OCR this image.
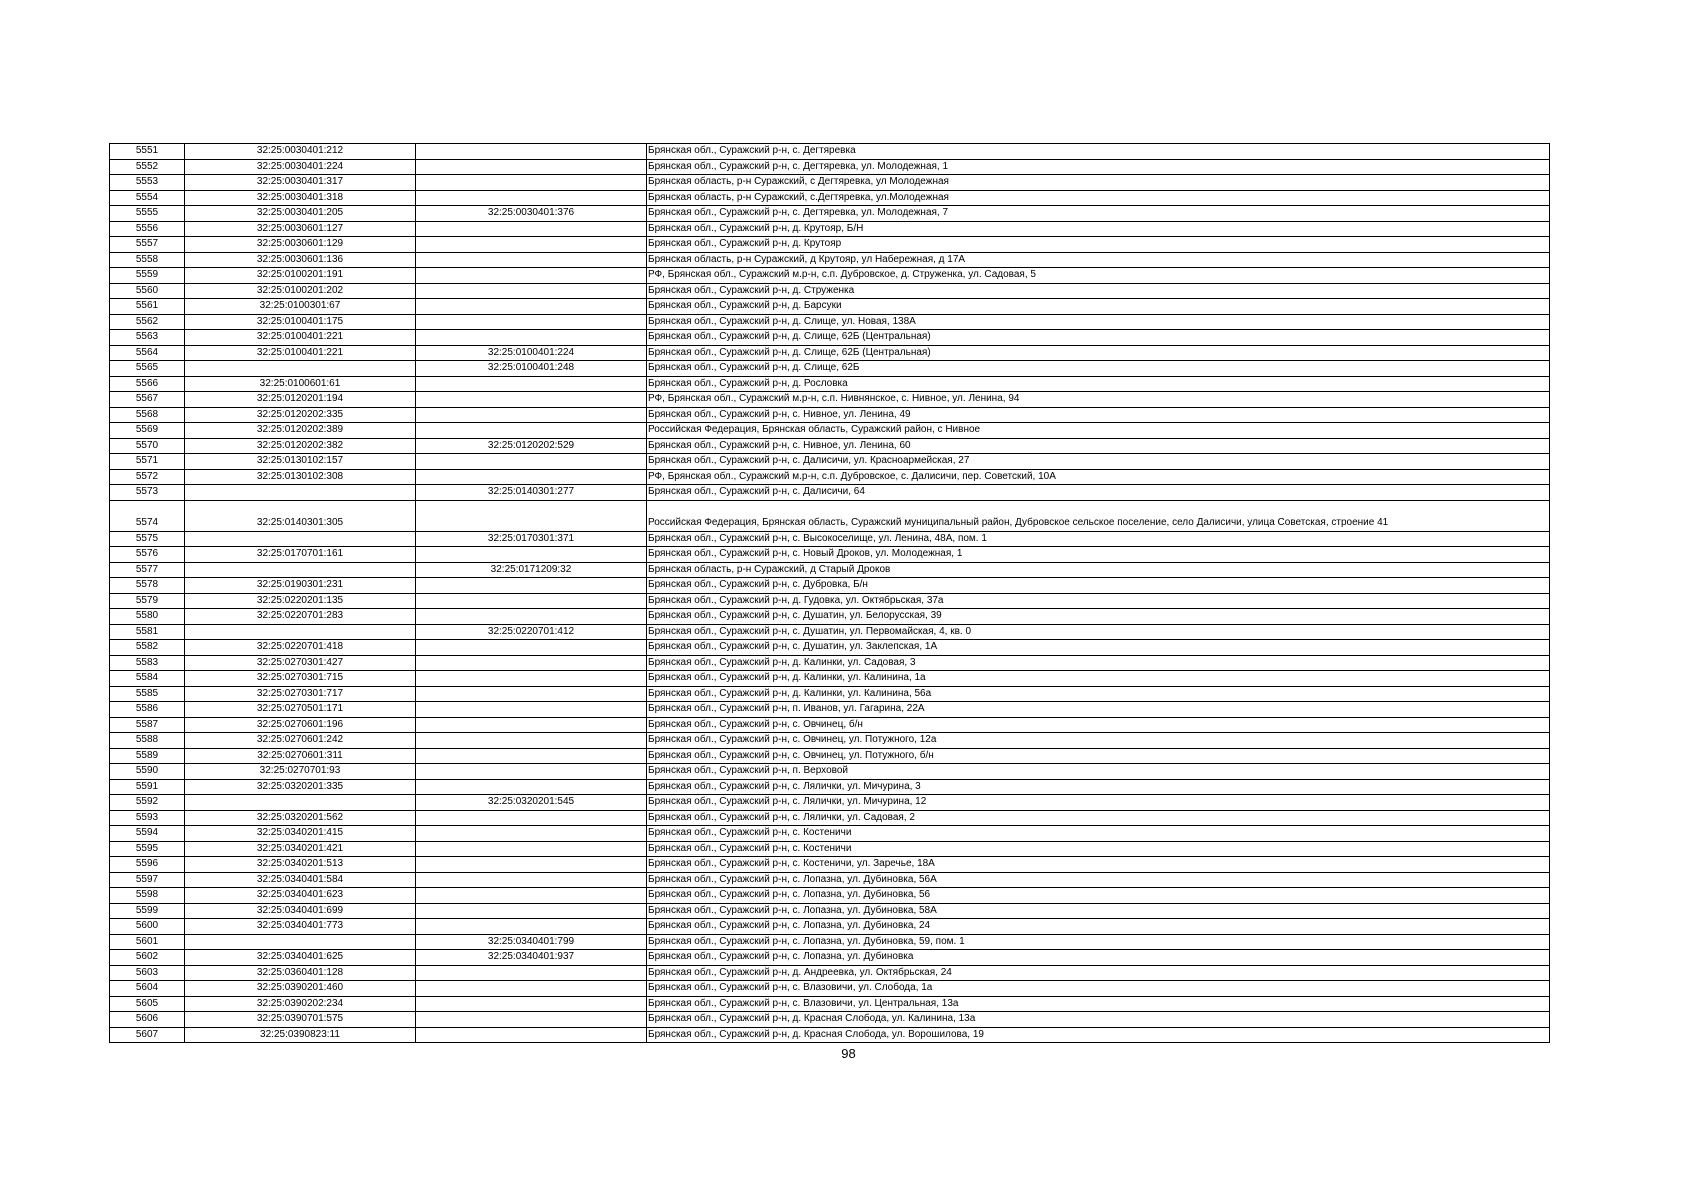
5551	32:25:0030401:212		Брянская обл., Суражский р-н, с. Дегтяревка
5552	32:25:0030401:224		Брянская обл., Суражский р-н, с. Дегтяревка, ул. Молодежная, 1
5553	32:25:0030401:317		Брянская область, р-н Суражский, с Дегтяревка, ул Молодежная
5554	32:25:0030401:318		Брянская область, р-н Суражский, с.Дегтяревка, ул.Молодежная
5555	32:25:0030401:205	32:25:0030401:376	Брянская обл., Суражский р-н, с. Дегтяревка, ул. Молодежная, 7
5556	32:25:0030601:127		Брянская обл., Суражский р-н, д. Крутояр, Б/Н
5557	32:25:0030601:129		Брянская обл., Суражский р-н, д. Крутояр
5558	32:25:0030601:136		Брянская область, р-н Суражский, д Крутояр, ул Набережная, д 17А
5559	32:25:0100201:191		РФ, Брянская обл., Суражский м.р-н, с.п. Дубровское, д. Струженка, ул. Садовая, 5
5560	32:25:0100201:202		Брянская обл., Суражский р-н, д. Струженка
5561	32:25:0100301:67		Брянская обл., Суражский р-н, д. Барсуки
5562	32:25:0100401:175		Брянская обл., Суражский р-н, д. Слище, ул. Новая, 138А
5563	32:25:0100401:221		Брянская обл., Суражский р-н, д. Слище, 62Б (Центральная)
5564	32:25:0100401:221	32:25:0100401:224	Брянская обл., Суражский р-н, д. Слище, 62Б (Центральная)
5565		32:25:0100401:248	Брянская обл., Суражский р-н, д. Слище, 62Б
5566	32:25:0100601:61		Брянская обл., Суражский р-н, д. Рословка
5567	32:25:0120201:194		РФ, Брянская обл., Суражский м.р-н, с.п. Нивнянское, с. Нивное, ул. Ленина, 94
5568	32:25:0120202:335		Брянская обл., Суражский р-н, с. Нивное, ул. Ленина, 49
5569	32:25:0120202:389		Российская Федерация, Брянская область, Суражский район, с Нивное
5570	32:25:0120202:382	32:25:0120202:529	Брянская обл., Суражский р-н, с. Нивное, ул. Ленина, 60
5571	32:25:0130102:157		Брянская обл., Суражский р-н, с. Далисичи, ул. Красноармейская, 27
5572	32:25:0130102:308		РФ, Брянская обл., Суражский м.р-н, с.п. Дубровское, с. Далисичи, пер. Советский, 10А
5573		32:25:0140301:277	Брянская обл., Суражский р-н, с. Далисичи, 64
5574	32:25:0140301:305		Российская Федерация, Брянская область, Суражский муниципальный район, Дубровское сельское поселение, село Далисичи, улица Советская, строение 41
5575		32:25:0170301:371	Брянская обл., Суражский р-н, с. Высокоселище, ул. Ленина, 48А, пом. 1
5576	32:25:0170701:161		Брянская обл., Суражский р-н, с. Новый Дроков, ул. Молодежная, 1
5577		32:25:0171209:32	Брянская область, р-н Суражский, д Старый Дроков
5578	32:25:0190301:231		Брянская обл., Суражский р-н, с. Дубровка, Б/н
5579	32:25:0220201:135		Брянская обл., Суражский р-н, д. Гудовка, ул. Октябрьская, 37а
5580	32:25:0220701:283		Брянская обл., Суражский р-н, с. Душатин, ул. Белорусская, 39
5581		32:25:0220701:412	Брянская обл., Суражский р-н, с. Душатин, ул. Первомайская, 4, кв. 0
5582	32:25:0220701:418		Брянская обл., Суражский р-н, с. Душатин, ул. Заклепская, 1А
5583	32:25:0270301:427		Брянская обл., Суражский р-н, д. Калинки, ул. Садовая, 3
5584	32:25:0270301:715		Брянская обл., Суражский р-н, д. Калинки, ул. Калинина, 1а
5585	32:25:0270301:717		Брянская обл., Суражский р-н, д. Калинки, ул. Калинина, 56а
5586	32:25:0270501:171		Брянская обл., Суражский р-н, п. Иванов, ул. Гагарина, 22А
5587	32:25:0270601:196		Брянская обл., Суражский р-н, с. Овчинец, б/н
5588	32:25:0270601:242		Брянская обл., Суражский р-н, с. Овчинец, ул. Потужного, 12а
5589	32:25:0270601:311		Брянская обл., Суражский р-н, с. Овчинец, ул. Потужного, б/н
5590	32:25:0270701:93		Брянская обл., Суражский р-н, п. Верховой
5591	32:25:0320201:335		Брянская обл., Суражский р-н, с. Лялички, ул. Мичурина, 3
5592		32:25:0320201:545	Брянская обл., Суражский р-н, с. Лялички, ул. Мичурина, 12
5593	32:25:0320201:562		Брянская обл., Суражский р-н, с. Лялички, ул. Садовая, 2
5594	32:25:0340201:415		Брянская обл., Суражский р-н, с. Костеничи
5595	32:25:0340201:421		Брянская обл., Суражский р-н, с. Костеничи
5596	32:25:0340201:513		Брянская обл., Суражский р-н, с. Костеничи, ул. Заречье, 18А
5597	32:25:0340401:584		Брянская обл., Суражский р-н, с. Лопазна, ул. Дубиновка, 56А
5598	32:25:0340401:623		Брянская обл., Суражский р-н, с. Лопазна, ул. Дубиновка, 56
5599	32:25:0340401:699		Брянская обл., Суражский р-н, с. Лопазна, ул. Дубиновка, 58А
5600	32:25:0340401:773		Брянская обл., Суражский р-н, с. Лопазна, ул. Дубиновка, 24
5601		32:25:0340401:799	Брянская обл., Суражский р-н, с. Лопазна, ул. Дубиновка, 59, пом. 1
5602	32:25:0340401:625	32:25:0340401:937	Брянская обл., Суражский р-н, с. Лопазна, ул. Дубиновка
5603	32:25:0360401:128		Брянская обл., Суражский р-н, д. Андреевка, ул. Октябрьская, 24
5604	32:25:0390201:460		Брянская обл., Суражский р-н, с. Влазовичи, ул. Слобода, 1а
5605	32:25:0390202:234		Брянская обл., Суражский р-н, с. Влазовичи, ул. Центральная, 13а
5606	32:25:0390701:575		Брянская обл., Суражский р-н, д. Красная Слобода, ул. Калинина, 13а
5607	32:25:0390823:11		Брянская обл., Суражский р-н, д. Красная Слобода, ул. Ворошилова, 19
98
